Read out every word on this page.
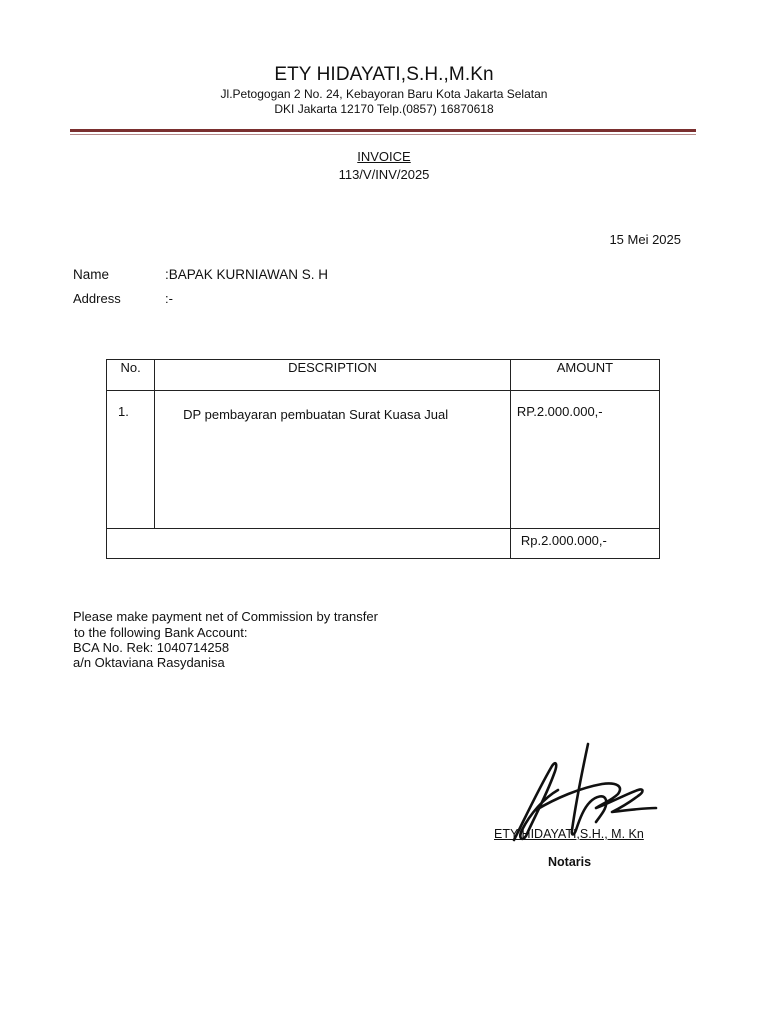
ETY HIDAYATI,S.H.,M.Kn
Jl.Petogogan 2 No. 24, Kebayoran Baru Kota Jakarta Selatan
DKI Jakarta 12170 Telp.(0857) 16870618
INVOICE
113/V/INV/2025
15 Mei 2025
Name	:BAPAK KURNIAWAN S. H
Address	:-
No.	DESCRIPTION	AMOUNT
1.	DP pembayaran pembuatan Surat Kuasa Jual	RP.2.000.000,-
		Rp.2.000.000,-
Please make payment net of Commission by transfer
to the following Bank Account:
BCA No. Rek: 1040714258
a/n Oktaviana Rasydanisa
ETY HIDAYATI,S.H., M. Kn
Notaris
